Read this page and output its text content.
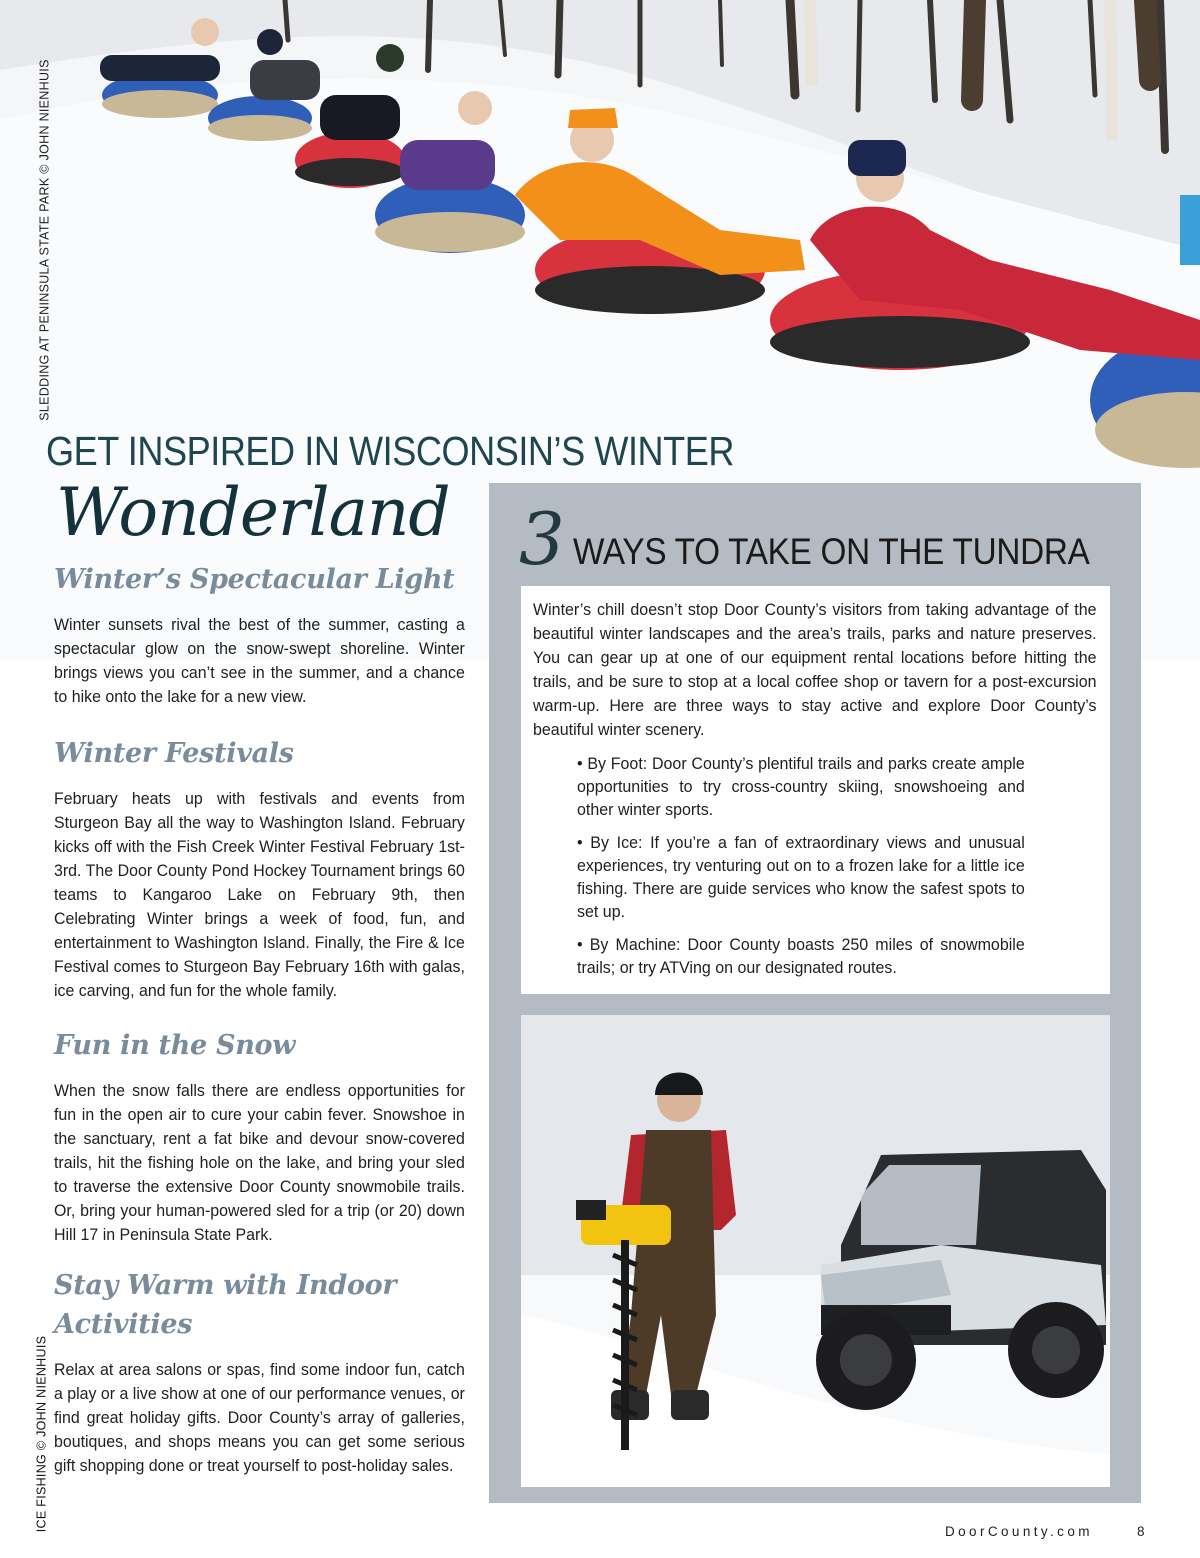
SLEDDING AT PENINSULA STATE PARK © JOHN NIENHUIS
GET INSPIRED IN WISCONSIN’S WINTER
Wonderland
Winter’s Spectacular Light

Winter sunsets rival the best of the summer, casting a spectacular glow on the snow-swept shoreline. Winter brings views you can’t see in the summer, and a chance to hike onto the lake for a new view.

Winter Festivals

February heats up with festivals and events from Sturgeon Bay all the way to Washington Island. February kicks off with the Fish Creek Winter Festival February 1st-3rd. The Door County Pond Hockey Tournament brings 60 teams to Kangaroo Lake on February 9th, then Celebrating Winter brings a week of food, fun, and entertainment to Washington Island. Finally, the Fire & Ice Festival comes to Sturgeon Bay February 16th with galas, ice carving, and fun for the whole family.

Fun in the Snow

When the snow falls there are endless opportunities for fun in the open air to cure your cabin fever. Snowshoe in the sanctuary, rent a fat bike and devour snow-covered trails, hit the fishing hole on the lake, and bring your sled to traverse the extensive Door County snowmobile trails. Or, bring your human-powered sled for a trip (or 20) down Hill 17 in Peninsula State Park.

Stay Warm with Indoor Activities

Relax at area salons or spas, find some indoor fun, catch a play or a live show at one of our performance venues, or find great holiday gifts. Door County’s array of galleries, boutiques, and shops means you can get some serious gift shopping done or treat yourself to post-holiday sales.

3 WAYS TO TAKE ON THE TUNDRA

Winter’s chill doesn’t stop Door County’s visitors from taking advantage of the beautiful winter landscapes and the area’s trails, parks and nature preserves. You can gear up at one of our equipment rental locations before hitting the trails, and be sure to stop at a local coffee shop or tavern for a post-excursion warm-up. Here are three ways to stay active and explore Door County’s beautiful winter scenery.

• By Foot: Door County’s plentiful trails and parks create ample opportunities to try cross-country skiing, snowshoeing and other winter sports.

• By Ice: If you’re a fan of extraordinary views and unusual experiences, try venturing out on to a frozen lake for a little ice fishing. There are guide services who know the safest spots to set up.

• By Machine: Door County boasts 250 miles of snowmobile trails; or try ATVing on our designated routes.

ICE FISHING © JOHN NIENHUIS	DoorCounty.com	8
